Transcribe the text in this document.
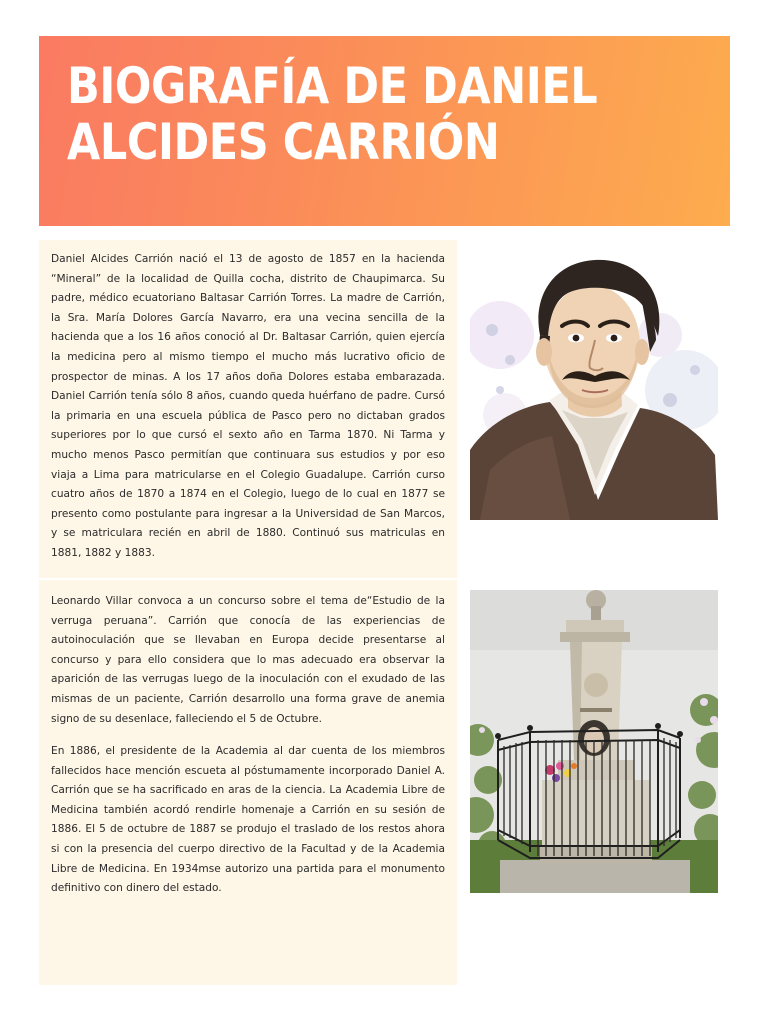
BIOGRAFÍA DE DANIEL
ALCIDES CARRIÓN

Daniel Alcides Carrión nació el 13 de agosto de 1857 en la hacienda “Mineral” de la localidad de Quilla cocha, distrito de Chaupimarca. Su padre, médico ecuatoriano Baltasar Carrión Torres. La madre de Carrión, la Sra. María Dolores García Navarro, era una vecina sencilla de la hacienda que a los 16 años conoció al Dr. Baltasar Carrión, quien ejercía la medicina pero al mismo tiempo el mucho más lucrativo oficio de prospector de minas. A los 17 años doña Dolores estaba embarazada. Daniel Carrión tenía sólo 8 años, cuando queda huérfano de padre. Cursó la primaria en una escuela pública de Pasco pero no dictaban grados superiores por lo que cursó el sexto año en Tarma 1870. Ni Tarma y mucho menos Pasco permitían que continuara sus estudios y por eso viaja a Lima para matricularse en el Colegio Guadalupe. Carrión curso cuatro años de 1870 a 1874 en el Colegio, luego de lo cual en 1877 se presento como postulante para ingresar a la Universidad de San Marcos, y se matriculara recién en abril de 1880. Continuó sus matriculas en 1881, 1882 y 1883.

Leonardo Villar convoca a un concurso sobre el tema de“Estudio de la verruga peruana”. Carrión que conocía de las experiencias de autoinoculación que se llevaban en Europa decide presentarse al concurso y para ello considera que lo mas adecuado era observar la aparición de las verrugas luego de la inoculación con el exudado de las mismas de un paciente, Carrión desarrollo una forma grave de anemia signo de su desenlace, falleciendo el 5 de Octubre.

En 1886, el presidente de la Academia al dar cuenta de los miembros fallecidos hace mención escueta al póstumamente incorporado Daniel A. Carrión que se ha sacrificado en aras de la ciencia. La Academia Libre de Medicina también acordó rendirle homenaje a Carrión en su sesión de 1886. El 5 de octubre de 1887 se produjo el traslado de los restos ahora si con la presencia del cuerpo directivo de la Facultad y de la Academia Libre de Medicina. En 1934mse autorizo una partida para el monumento definitivo con dinero del estado.
